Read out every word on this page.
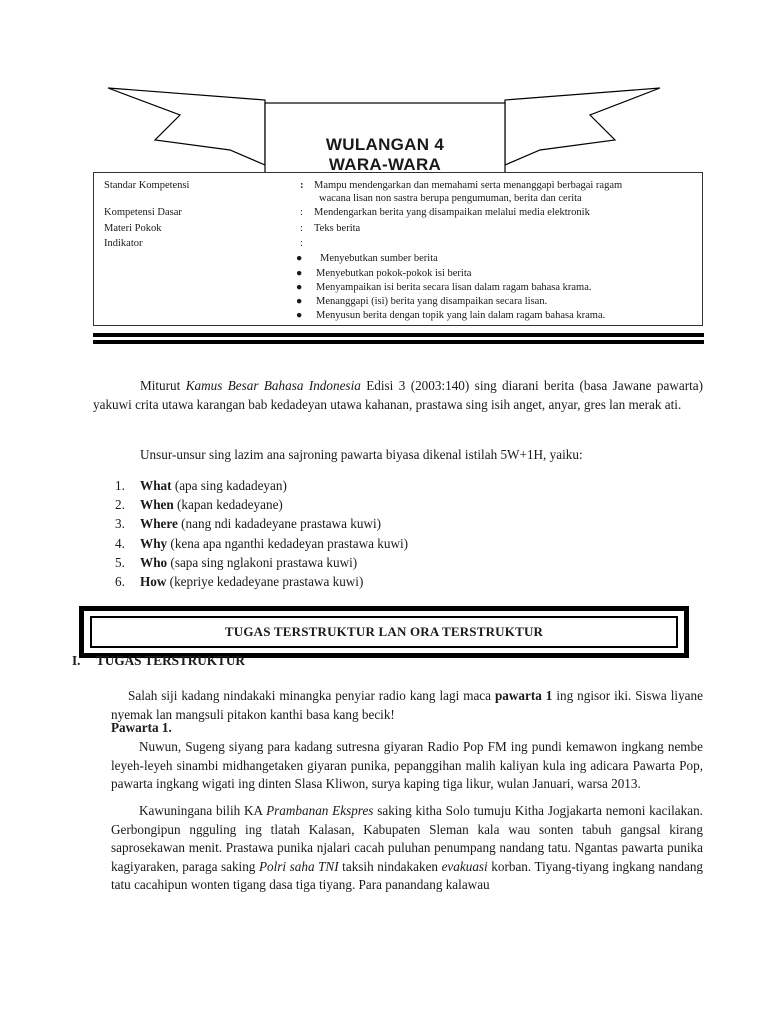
WULANGAN 4
WARA-WARA
Standar Kompetensi	: Mampu mendengarkan dan memahami serta menanggapi berbagai ragam
wacana lisan non sastra berupa pengumuman, berita dan cerita
Kompetensi Dasar	: Mendengarkan berita yang disampaikan melalui media elektronik
Materi Pokok	: Teks berita
Indikator	:
● Menyebutkan sumber berita
● Menyebutkan pokok-pokok isi berita
● Menyampaikan isi berita secara lisan dalam ragam bahasa krama.
● Menanggapi (isi) berita yang disampaikan secara lisan.
● Menyusun berita dengan topik yang lain dalam ragam bahasa krama.
Miturut Kamus Besar Bahasa Indonesia Edisi 3 (2003:140) sing diarani berita (basa Jawane pawarta) yakuwi crita utawa karangan bab kedadeyan utawa kahanan, prastawa sing isih anget, anyar, gres lan merak ati.
Unsur-unsur sing lazim ana sajroning pawarta biyasa dikenal istilah 5W+1H, yaiku:
1. What (apa sing kadadeyan)
2. When (kapan kedadeyane)
3. Where (nang ndi kadadeyane prastawa kuwi)
4. Why (kena apa nganthi kedadeyan prastawa kuwi)
5. Who (sapa sing nglakoni prastawa kuwi)
6. How (kepriye kedadeyane prastawa kuwi)
TUGAS TERSTRUKTUR LAN ORA TERSTRUKTUR
I. TUGAS TERSTRUKTUR
Salah siji kadang nindakaki minangka penyiar radio kang lagi maca pawarta 1 ing ngisor iki. Siswa liyane nyemak lan mangsuli pitakon kanthi basa kang becik!
Pawarta 1.
Nuwun, Sugeng siyang para kadang sutresna giyaran Radio Pop FM ing pundi kemawon ingkang nembe leyeh-leyeh sinambi midhangetaken giyaran punika, pepanggihan malih kaliyan kula ing adicara Pawarta Pop, pawarta ingkang wigati ing dinten Slasa Kliwon, surya kaping tiga likur, wulan Januari, warsa 2013.
Kawuningana bilih KA Prambanan Ekspres saking kitha Solo tumuju Kitha Jogjakarta nemoni kacilakan. Gerbongipun ngguling ing tlatah Kalasan, Kabupaten Sleman kala wau sonten tabuh gangsal kirang saprosekawan menit. Prastawa punika njalari cacah puluhan penumpang nandang tatu. Ngantas pawarta punika kagiyaraken, paraga saking Polri saha TNI taksih nindakaken evakuasi korban. Tiyang-tiyang ingkang nandang tatu cacahipun wonten tigang dasa tiga tiyang. Para panandang kalawau
